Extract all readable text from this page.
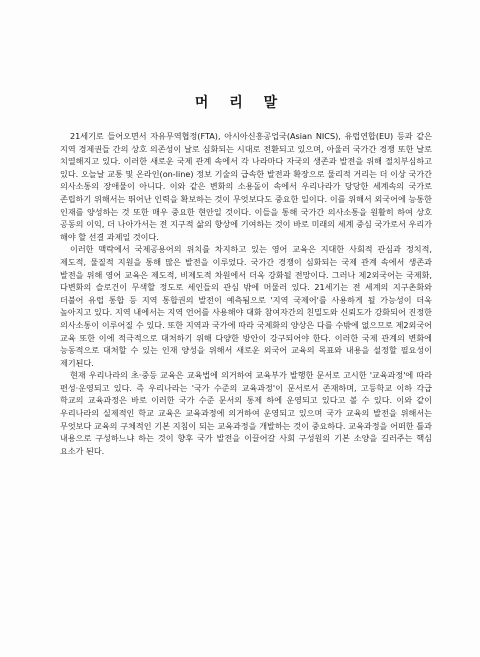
머 리 말

21세기로 들어오면서 자유무역협정(FTA), 아시아신흥공업국(Asian NICS), 유럽연합(EU) 등과 같은 지역 경제권들 간의 상호 의존성이 날로 심화되는 시대로 전환되고 있으며, 아울러 국가간 경쟁 또한 날로 치열해지고 있다. 이러한 새로운 국제 관계 속에서 각 나라마다 자국의 생존과 발전을 위해 절치부심하고 있다. 오늘날 교통 및 온라인(on-line) 정보 기술의 급속한 발전과 확장으로 물리적 거리는 더 이상 국가간 의사소통의 장애물이 아니다. 이와 같은 변화의 소용돌이 속에서 우리나라가 당당한 세계속의 국가로 존립하기 위해서는 뛰어난 인력을 확보하는 것이 무엇보다도 중요한 일이다. 이를 위해서 외국어에 능통한 인재를 양성하는 것 또한 매우 중요한 현안일 것이다. 이들을 통해 국가간 의사소통을 원활히 하여 상호 공동의 이익, 더 나아가서는 전 지구적 삶의 향상에 기여하는 것이 바로 미래의 세계 중심 국가로서 우리가 해야 할 선결 과제일 것이다.

이러한 맥락에서 국제공용어의 위치를 차지하고 있는 영어 교육은 지대한 사회적 관심과 정치적, 제도적, 물질적 지원을 통해 많은 발전을 이루었다. 국가간 경쟁이 심화되는 국제 관계 속에서 생존과 발전을 위해 영어 교육은 제도적, 비제도적 차원에서 더욱 강화될 전망이다. 그러나 제2외국어는 국제화, 다변화의 슬로건이 무색할 정도로 세인들의 관심 밖에 머물러 있다. 21세기는 전 세계의 지구촌화와 더불어 유럽 통합 등 지역 통합권의 발전이 예측됨으로 '지역 국제어'를 사용하게 될 가능성이 더욱 높아지고 있다. 지역 내에서는 지역 언어를 사용해야 대화 참여자간의 친밀도와 신뢰도가 강화되어 진정한 의사소통이 이루어질 수 있다. 또한 지역과 국가에 따라 국제화의 양상은 다를 수밖에 없으므로 제2외국어 교육 또한 이에 적극적으로 대처하기 위해 다양한 방안이 강구되어야 한다. 이러한 국제 관계의 변화에 능동적으로 대처할 수 있는 인재 양성을 위해서 새로운 외국어 교육의 목표와 내용을 설정할 필요성이 제기된다.

현재 우리나라의 초·중등 교육은 교육법에 의거하여 교육부가 발행한 문서로 고시한 '교육과정'에 따라 편성·운영되고 있다. 즉 우리나라는 '국가 수준의 교육과정'이 문서로서 존재하며, 고등학교 이하 각급 학교의 교육과정은 바로 이러한 국가 수준 문서의 통제 하에 운영되고 있다고 볼 수 있다. 이와 같이 우리나라의 실제적인 학교 교육은 교육과정에 의거하여 운영되고 있으며 국가 교육의 발전을 위해서는 무엇보다 교육의 구체적인 기본 지침이 되는 교육과정을 개발하는 것이 중요하다. 교육과정을 어떠한 틀과 내용으로 구성하느냐 하는 것이 향후 국가 발전을 이끌어갈 사회 구성원의 기본 소양을 길러주는 핵심 요소가 된다.
